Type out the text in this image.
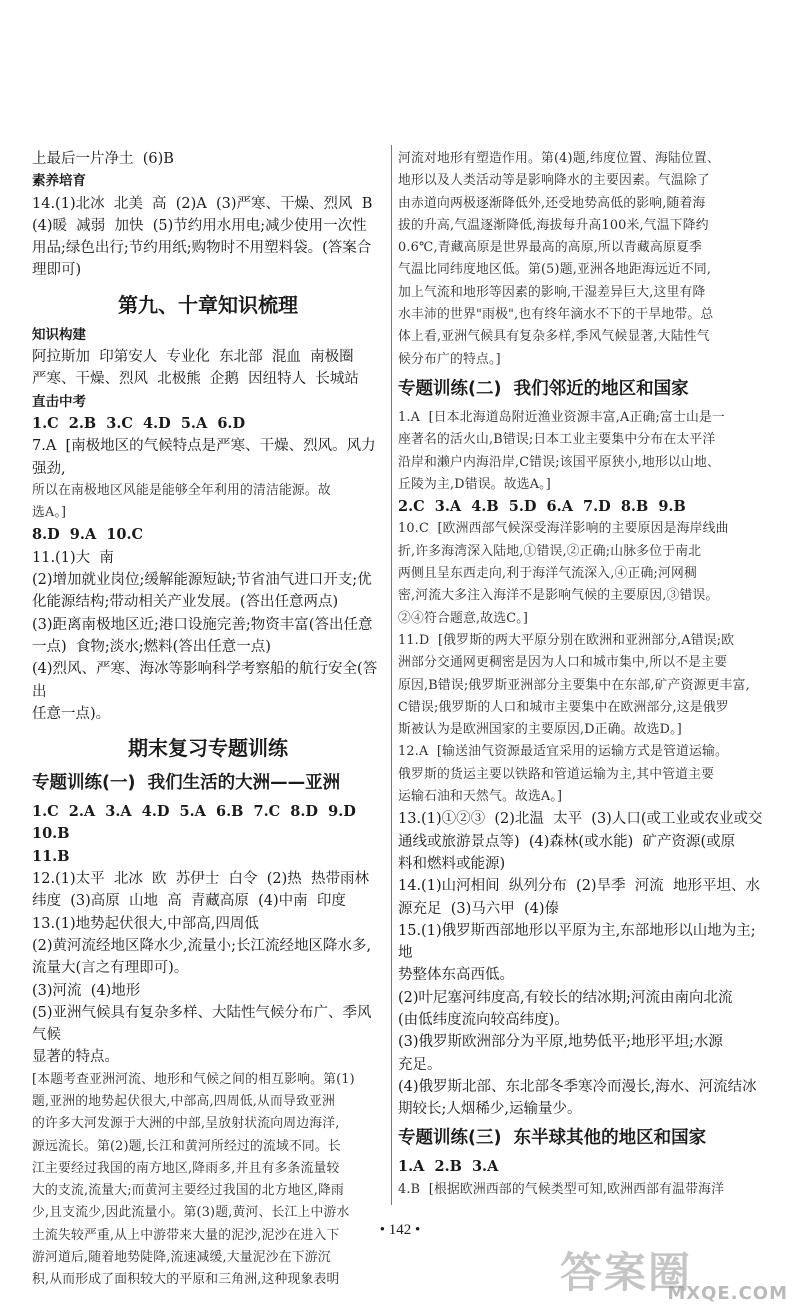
上最后一片净土  (6)B

素养培育

14.(1)北冰  北美  高  (2)A  (3)严寒、干燥、烈风  B

(4)暖  减弱  加快  (5)节约用水用电;减少使用一次性

用品;绿色出行;节约用纸;购物时不用塑料袋。(答案合

理即可)

第九、十章知识梳理

知识构建

阿拉斯加  印第安人  专业化  东北部  混血  南极圈

严寒、干燥、烈风  北极熊  企鹅  因纽特人  长城站

直击中考

1.C  2.B  3.C  4.D  5.A  6.D

7.A  [南极地区的气候特点是严寒、干燥、烈风。风力强劲,

所以在南极地区风能是能够全年利用的清洁能源。故

选A。]

8.D  9.A  10.C

11.(1)大  南

(2)增加就业岗位;缓解能源短缺;节省油气进口开支;优

化能源结构;带动相关产业发展。(答出任意两点)

(3)距离南极地区近;港口设施完善;物资丰富(答出任意

一点)  食物;淡水;燃料(答出任意一点)

(4)烈风、严寒、海冰等影响科学考察船的航行安全(答出

任意一点)。

期末复习专题训练

专题训练(一)  我们生活的大洲——亚洲

1.C  2.A  3.A  4.D  5.A  6.B  7.C  8.D  9.D  10.B

11.B

12.(1)太平  北冰  欧  苏伊士  白令  (2)热  热带雨林

纬度  (3)高原  山地  高  青藏高原  (4)中南  印度

13.(1)地势起伏很大,中部高,四周低

(2)黄河流经地区降水少,流量小;长江流经地区降水多,

流量大(言之有理即可)。

(3)河流  (4)地形

(5)亚洲气候具有复杂多样、大陆性气候分布广、季风气候

显著的特点。

[本题考查亚洲河流、地形和气候之间的相互影响。第(1)

题,亚洲的地势起伏很大,中部高,四周低,从而导致亚洲

的许多大河发源于大洲的中部,呈放射状流向周边海洋,

源远流长。第(2)题,长江和黄河所经过的流域不同。长

江主要经过我国的南方地区,降雨多,并且有多条流量较

大的支流,流量大;而黄河主要经过我国的北方地区,降雨

少,且支流少,因此流量小。第(3)题,黄河、长江上中游水

土流失较严重,从上中游带来大量的泥沙,泥沙在进入下

游河道后,随着地势陡降,流速减缓,大量泥沙在下游沉

积,从而形成了面积较大的平原和三角洲,这种现象表明

河流对地形有塑造作用。第(4)题,纬度位置、海陆位置、

地形以及人类活动等是影响降水的主要因素。气温除了

由赤道向两极逐渐降低外,还受地势高低的影响,随着海

拔的升高,气温逐渐降低,海拔每升高100米,气温下降约

0.6℃,青藏高原是世界最高的高原,所以青藏高原夏季

气温比同纬度地区低。第(5)题,亚洲各地距海远近不同,

加上气流和地形等因素的影响,干湿差异巨大,这里有降

水丰沛的世界"雨极",也有终年滴水不下的干旱地带。总

体上看,亚洲气候具有复杂多样,季风气候显著,大陆性气

候分布广的特点。]

专题训练(二)  我们邻近的地区和国家

1.A  [日本北海道岛附近渔业资源丰富,A正确;富士山是一

座著名的活火山,B错误;日本工业主要集中分布在太平洋

沿岸和濑户内海沿岸,C错误;该国平原狭小,地形以山地、

丘陵为主,D错误。故选A。]

2.C  3.A  4.B  5.D  6.A  7.D  8.B  9.B

10.C  [欧洲西部气候深受海洋影响的主要原因是海岸线曲

折,许多海湾深入陆地,①错误,②正确;山脉多位于南北

两侧且呈东西走向,利于海洋气流深入,④正确;河网稠

密,河流大多注入海洋不是影响气候的主要原因,③错误。

②④符合题意,故选C。]

11.D  [俄罗斯的两大平原分别在欧洲和亚洲部分,A错误;欧

洲部分交通网更稠密是因为人口和城市集中,所以不是主要

原因,B错误;俄罗斯亚洲部分主要集中在东部,矿产资源更丰富,

C错误;俄罗斯的人口和城市主要集中在欧洲部分,这是俄罗

斯被认为是欧洲国家的主要原因,D正确。故选D。]

12.A  [输送油气资源最适宜采用的运输方式是管道运输。

俄罗斯的货运主要以铁路和管道运输为主,其中管道主要

运输石油和天然气。故选A。]

13.(1)①②③  (2)北温  太平  (3)人口(或工业或农业或交

通线或旅游景点等)  (4)森林(或水能)  矿产资源(或原

料和燃料或能源)

14.(1)山河相间  纵列分布  (2)旱季  河流  地形平坦、水

源充足  (3)马六甲  (4)傣

15.(1)俄罗斯西部地形以平原为主,东部地形以山地为主;地

势整体东高西低。

(2)叶尼塞河纬度高,有较长的结冰期;河流由南向北流

(由低纬度流向较高纬度)。

(3)俄罗斯欧洲部分为平原,地势低平;地形平坦;水源

充足。

(4)俄罗斯北部、东北部冬季寒冷而漫长,海水、河流结冰

期较长;人烟稀少,运输量少。

专题训练(三)  东半球其他的地区和国家

1.A  2.B  3.A

4.B  [根据欧洲西部的气候类型可知,欧洲西部有温带海洋

• 142 •
答案圈
MXQE.COM
